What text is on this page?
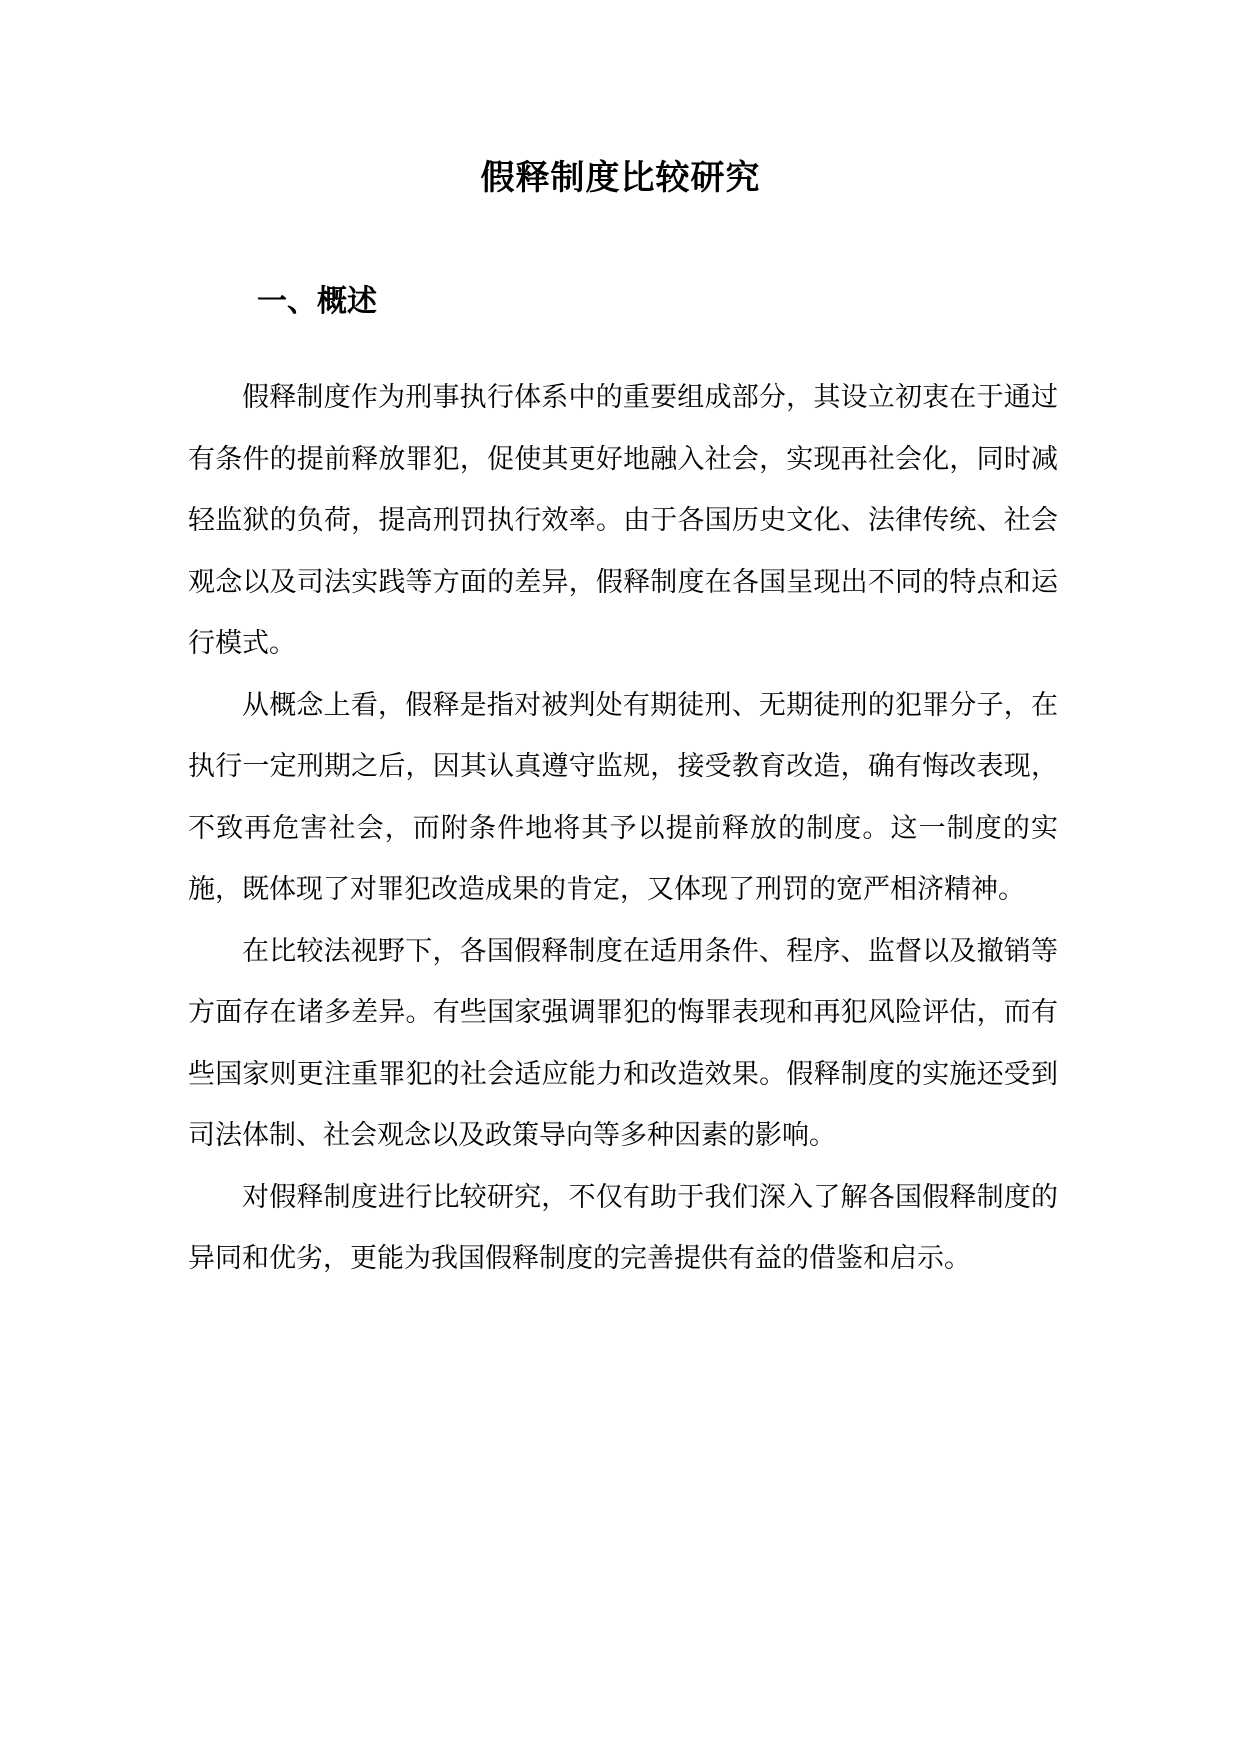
假释制度比较研究
一、概述

假释制度作为刑事执行体系中的重要组成部分，其设立初衷在于通过有条件的提前释放罪犯，促使其更好地融入社会，实现再社会化，同时减轻监狱的负荷，提高刑罚执行效率。由于各国历史文化、法律传统、社会观念以及司法实践等方面的差异，假释制度在各国呈现出不同的特点和运行模式。

从概念上看，假释是指对被判处有期徒刑、无期徒刑的犯罪分子，在执行一定刑期之后，因其认真遵守监规，接受教育改造，确有悔改表现，不致再危害社会，而附条件地将其予以提前释放的制度。这一制度的实施，既体现了对罪犯改造成果的肯定，又体现了刑罚的宽严相济精神。

在比较法视野下，各国假释制度在适用条件、程序、监督以及撤销等方面存在诸多差异。有些国家强调罪犯的悔罪表现和再犯风险评估，而有些国家则更注重罪犯的社会适应能力和改造效果。假释制度的实施还受到司法体制、社会观念以及政策导向等多种因素的影响。

对假释制度进行比较研究，不仅有助于我们深入了解各国假释制度的异同和优劣，更能为我国假释制度的完善提供有益的借鉴和启示。
